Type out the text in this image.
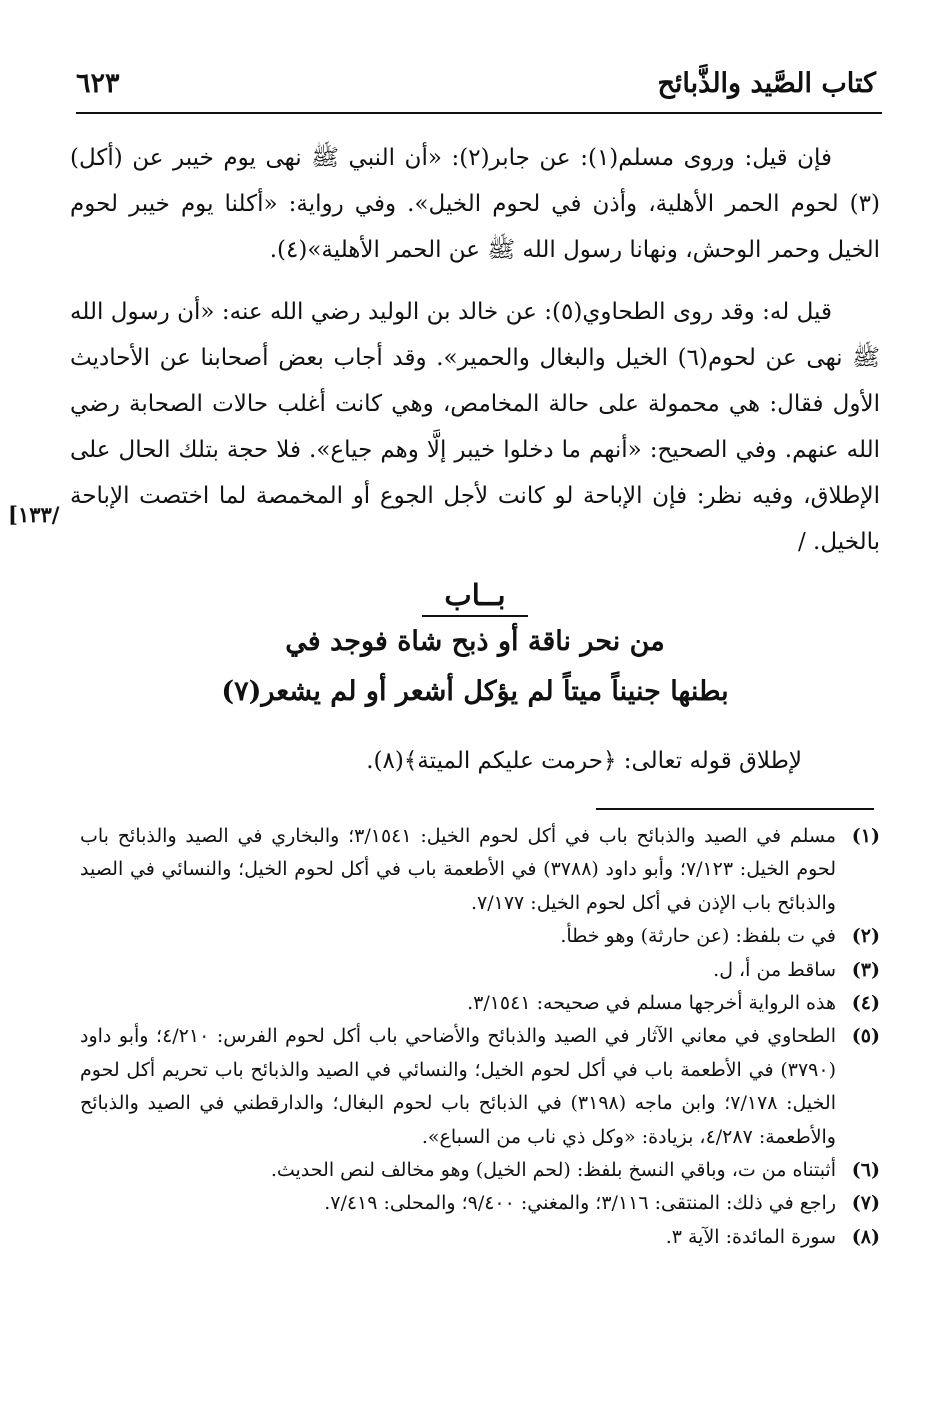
كتاب الصَّيد والذَّبائح
٦٢٣

فإن قيل: وروى مسلم(١): عن جابر(٢): «أن النبي ﷺ نهى يوم خيبر عن (أكل)(٣) لحوم الحمر الأهلية، وأذن في لحوم الخيل». وفي رواية: «أكلنا يوم خيبر لحوم الخيل وحمر الوحش، ونهانا رسول الله ﷺ عن الحمر الأهلية»(٤).

قيل له: وقد روى الطحاوي(٥): عن خالد بن الوليد رضي الله عنه: «أن رسول الله ﷺ نهى عن لحوم(٦) الخيل والبغال والحمير». وقد أجاب بعض أصحابنا عن الأحاديث الأول فقال: هي محمولة على حالة المخامص، وهي كانت أغلب حالات الصحابة رضي الله عنهم. وفي الصحيح: «أنهم ما دخلوا خيبر إلَّا وهم جياع». فلا حجة بتلك الحال على الإطلاق، وفيه نظر: فإن الإباحة لو كانت لأجل الجوع أو المخمصة لما اختصت الإباحة بالخيل. /

/١٣٣]
بــاب
من نحر ناقة أو ذبح شاة فوجد في
بطنها جنيناً ميتاً لم يؤكل أشعر أو لم يشعر(٧)
لإطلاق قوله تعالى: ﴿حرمت عليكم الميتة﴾(٨).
(١)
مسلم في الصيد والذبائح باب في أكل لحوم الخيل: ٣/١٥٤١؛ والبخاري في الصيد والذبائح باب لحوم الخيل: ٧/١٢٣؛ وأبو داود (٣٧٨٨) في الأطعمة باب في أكل لحوم الخيل؛ والنسائي في الصيد والذبائح باب الإذن في أكل لحوم الخيل: ٧/١٧٧.
(٢)
في ت بلفظ: (عن حارثة) وهو خطأ.
(٣)
ساقط من أ، ل.
(٤)
هذه الرواية أخرجها مسلم في صحيحه: ٣/١٥٤١.
(٥)
الطحاوي في معاني الآثار في الصيد والذبائح والأضاحي باب أكل لحوم الفرس: ٤/٢١٠؛ وأبو داود (٣٧٩٠) في الأطعمة باب في أكل لحوم الخيل؛ والنسائي في الصيد والذبائح باب تحريم أكل لحوم الخيل: ٧/١٧٨؛ وابن ماجه (٣١٩٨) في الذبائح باب لحوم البغال؛ والدارقطني في الصيد والذبائح والأطعمة: ٤/٢٨٧، بزيادة: «وكل ذي ناب من السباع».
(٦)
أثبتناه من ت، وباقي النسخ بلفظ: (لحم الخيل) وهو مخالف لنص الحديث.
(٧)
راجع في ذلك: المنتقى: ٣/١١٦؛ والمغني: ٩/٤٠٠؛ والمحلى: ٧/٤١٩.
(٨)
سورة المائدة: الآية ٣.
